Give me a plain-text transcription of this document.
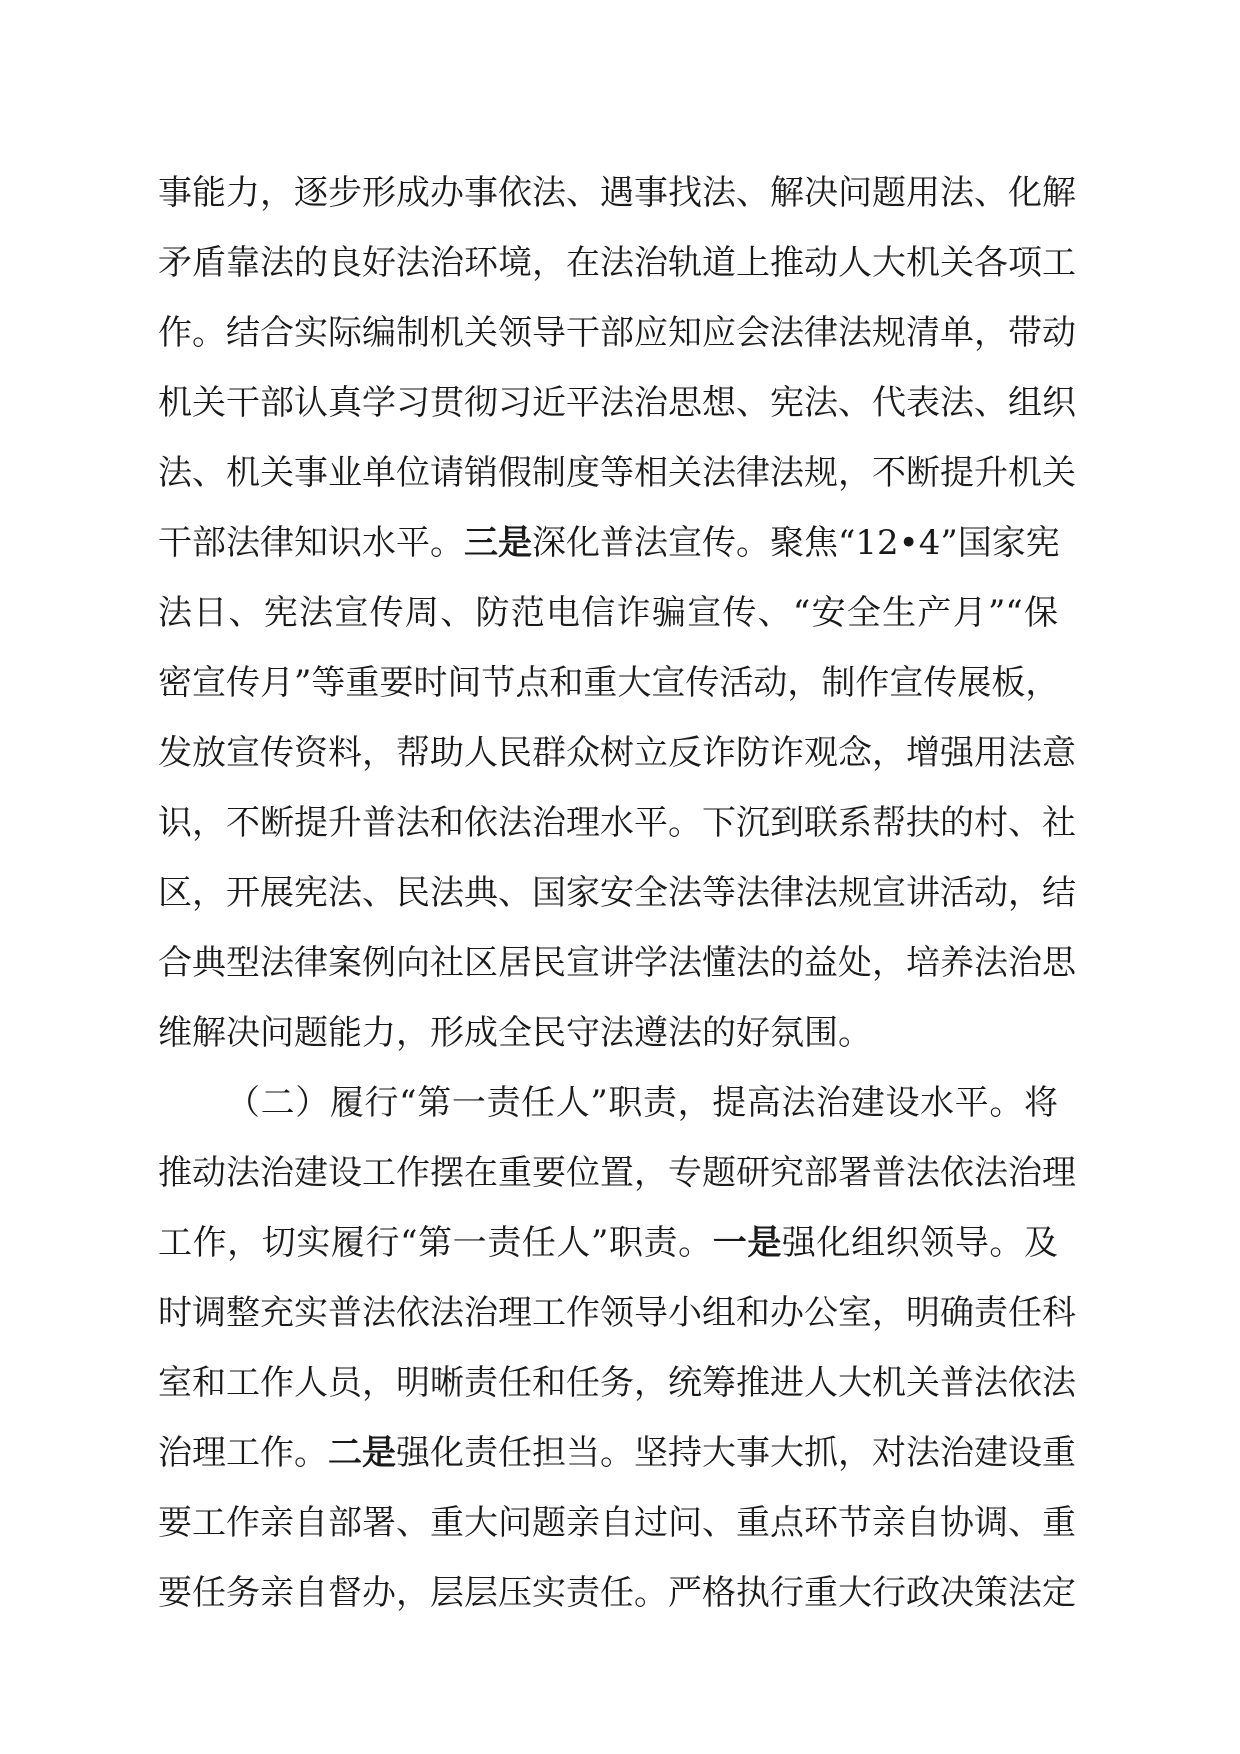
事能力，逐步形成办事依法、遇事找法、解决问题用法、化解
矛盾靠法的良好法治环境，在法治轨道上推动人大机关各项工
作。结合实际编制机关领导干部应知应会法律法规清单，带动
机关干部认真学习贯彻习近平法治思想、宪法、代表法、组织
法、机关事业单位请销假制度等相关法律法规，不断提升机关
干部法律知识水平。三是深化普法宣传。聚焦“12•4”国家宪
法日、宪法宣传周、防范电信诈骗宣传、“安全生产月”“保
密宣传月”等重要时间节点和重大宣传活动，制作宣传展板，
发放宣传资料，帮助人民群众树立反诈防诈观念，增强用法意
识，不断提升普法和依法治理水平。下沉到联系帮扶的村、社
区，开展宪法、民法典、国家安全法等法律法规宣讲活动，结
合典型法律案例向社区居民宣讲学法懂法的益处，培养法治思
维解决问题能力，形成全民守法遵法的好氛围。
（二）履行“第一责任人”职责，提高法治建设水平。将
推动法治建设工作摆在重要位置，专题研究部署普法依法治理
工作，切实履行“第一责任人”职责。一是强化组织领导。及
时调整充实普法依法治理工作领导小组和办公室，明确责任科
室和工作人员，明晰责任和任务，统筹推进人大机关普法依法
治理工作。二是强化责任担当。坚持大事大抓，对法治建设重
要工作亲自部署、重大问题亲自过问、重点环节亲自协调、重
要任务亲自督办，层层压实责任。严格执行重大行政决策法定
